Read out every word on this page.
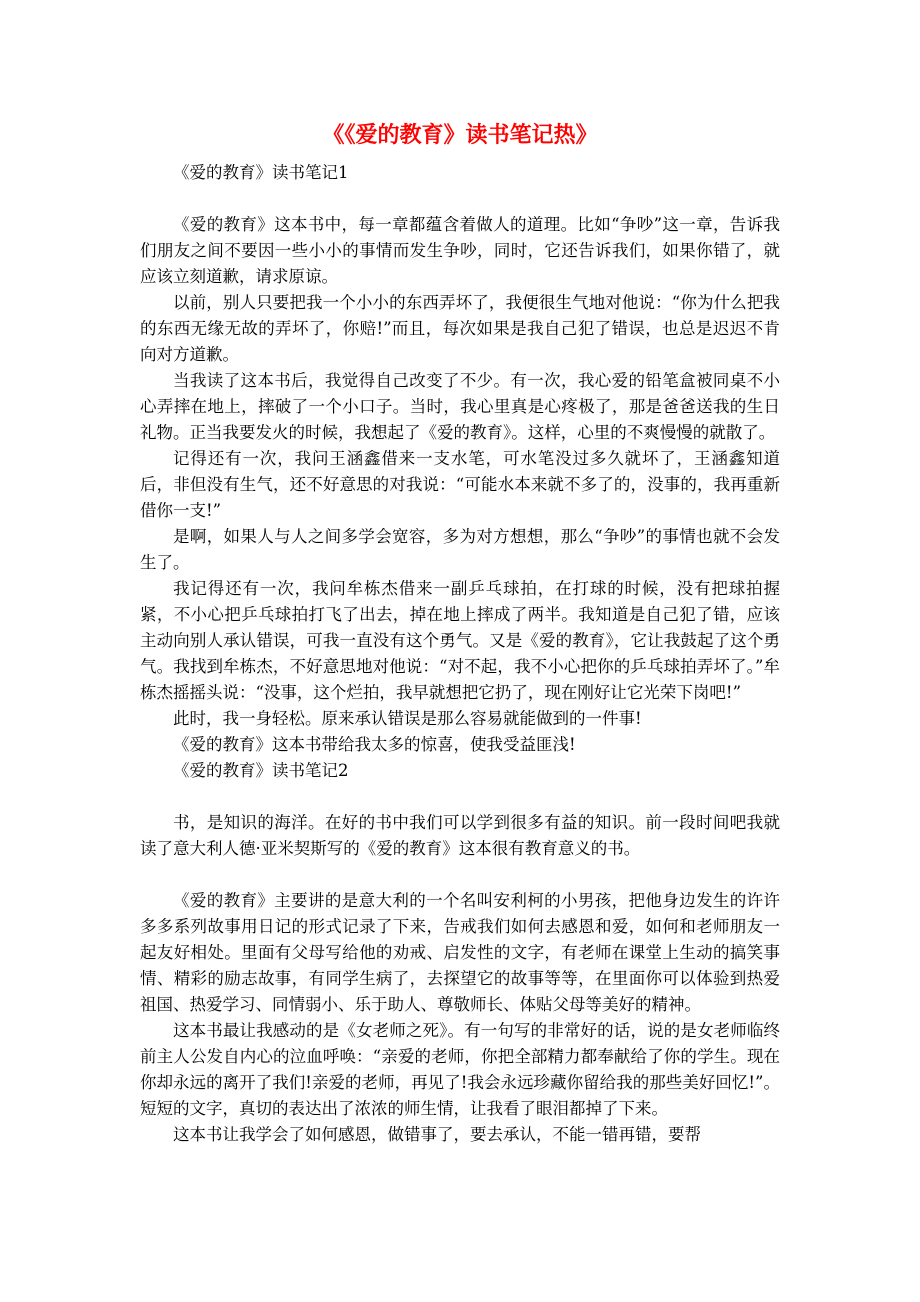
《《爱的教育》读书笔记热》
《爱的教育》读书笔记1

《爱的教育》这本书中，每一章都蕴含着做人的道理。比如“争吵”这一章，告诉我们朋友之间不要因一些小小的事情而发生争吵，同时，它还告诉我们，如果你错了，就应该立刻道歉，请求原谅。

以前，别人只要把我一个小小的东西弄坏了，我便很生气地对他说：“你为什么把我的东西无缘无故的弄坏了，你赔!”而且，每次如果是我自己犯了错误，也总是迟迟不肯向对方道歉。

当我读了这本书后，我觉得自己改变了不少。有一次，我心爱的铅笔盒被同桌不小心弄摔在地上，摔破了一个小口子。当时，我心里真是心疼极了，那是爸爸送我的生日礼物。正当我要发火的时候，我想起了《爱的教育》。这样，心里的不爽慢慢的就散了。

记得还有一次，我问王涵鑫借来一支水笔，可水笔没过多久就坏了，王涵鑫知道后，非但没有生气，还不好意思的对我说：“可能水本来就不多了的，没事的，我再重新借你一支!”

是啊，如果人与人之间多学会宽容，多为对方想想，那么“争吵”的事情也就不会发生了。

我记得还有一次，我问牟栋杰借来一副乒乓球拍，在打球的时候，没有把球拍握紧，不小心把乒乓球拍打飞了出去，掉在地上摔成了两半。我知道是自己犯了错，应该主动向别人承认错误，可我一直没有这个勇气。又是《爱的教育》，它让我鼓起了这个勇气。我找到牟栋杰，不好意思地对他说：“对不起，我不小心把你的乒乓球拍弄坏了。”牟栋杰摇摇头说：“没事，这个烂拍，我早就想把它扔了，现在刚好让它光荣下岗吧!”

此时，我一身轻松。原来承认错误是那么容易就能做到的一件事!

《爱的教育》这本书带给我太多的惊喜，使我受益匪浅!

《爱的教育》读书笔记2

书，是知识的海洋。在好的书中我们可以学到很多有益的知识。前一段时间吧我就读了意大利人德·亚米契斯写的《爱的教育》这本很有教育意义的书。

《爱的教育》主要讲的是意大利的一个名叫安利柯的小男孩，把他身边发生的许许多多系列故事用日记的形式记录了下来，告戒我们如何去感恩和爱，如何和老师朋友一起友好相处。里面有父母写给他的劝戒、启发性的文字，有老师在课堂上生动的搞笑事情、精彩的励志故事，有同学生病了，去探望它的故事等等，在里面你可以体验到热爱祖国、热爱学习、同情弱小、乐于助人、尊敬师长、体贴父母等美好的精神。

这本书最让我感动的是《女老师之死》。有一句写的非常好的话，说的是女老师临终前主人公发自内心的泣血呼唤：“亲爱的老师，你把全部精力都奉献给了你的学生。现在你却永远的离开了我们!亲爱的老师，再见了!我会永远珍藏你留给我的那些美好回忆!”。短短的文字，真切的表达出了浓浓的师生情，让我看了眼泪都掉了下来。

这本书让我学会了如何感恩，做错事了，要去承认，不能一错再错，要帮
